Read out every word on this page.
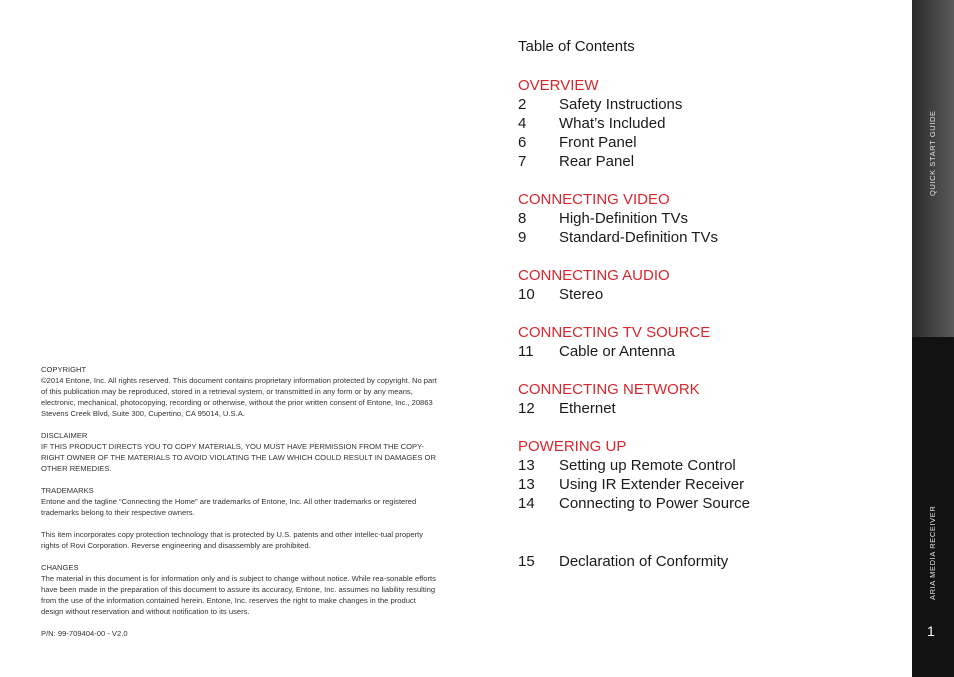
COPYRIGHT

©2014 Entone, Inc. All rights reserved. This document contains proprietary information protected by copyright. No part of this publication may be reproduced, stored in a retrieval system, or transmitted in any form or by any means, electronic, mechanical, photocopying, recording or otherwise, without the prior written consent of Entone, Inc., 20863 Stevens Creek Blvd, Suite 300, Cupertino, CA 95014, U.S.A.

DISCLAIMER

IF THIS PRODUCT DIRECTS YOU TO COPY MATERIALS, YOU MUST HAVE PERMISSION FROM THE COPY-RIGHT OWNER OF THE MATERIALS TO AVOID VIOLATING THE LAW WHICH COULD RESULT IN DAMAGES OR OTHER REMEDIES.

TRADEMARKS

Entone and the tagline “Connecting the Home” are trademarks of Entone, Inc. All other trademarks or registered trademarks belong to their respective owners.

This item incorporates copy protection technology that is protected by U.S. patents and other intellec-tual property rights of Rovi Corporation. Reverse engineering and disassembly are prohibited.

CHANGES

The material in this document is for information only and is subject to change without notice. While rea-sonable efforts have been made in the preparation of this document to assure its accuracy, Entone, Inc. assumes no liability resulting from the use of the information contained herein. Entone, Inc. reserves the right to make changes in the product design without reservation and without notification to its users.

P/N: 99-709404-00 - V2.0

Table of Contents
OVERVIEW
2	Safety Instructions
4	What’s Included
6	Front Panel
7	Rear Panel
CONNECTING VIDEO
8	High-Definition TVs
9	Standard-Definition TVs
CONNECTING AUDIO
10	Stereo
CONNECTING TV SOURCE
11	Cable or Antenna
CONNECTING NETWORK
12	Ethernet
POWERING UP
13	Setting up Remote Control
13	Using IR Extender Receiver
14	Connecting to Power Source
15	Declaration of Conformity
QUICK START GUIDE
ARIA MEDIA RECEIVER
1
